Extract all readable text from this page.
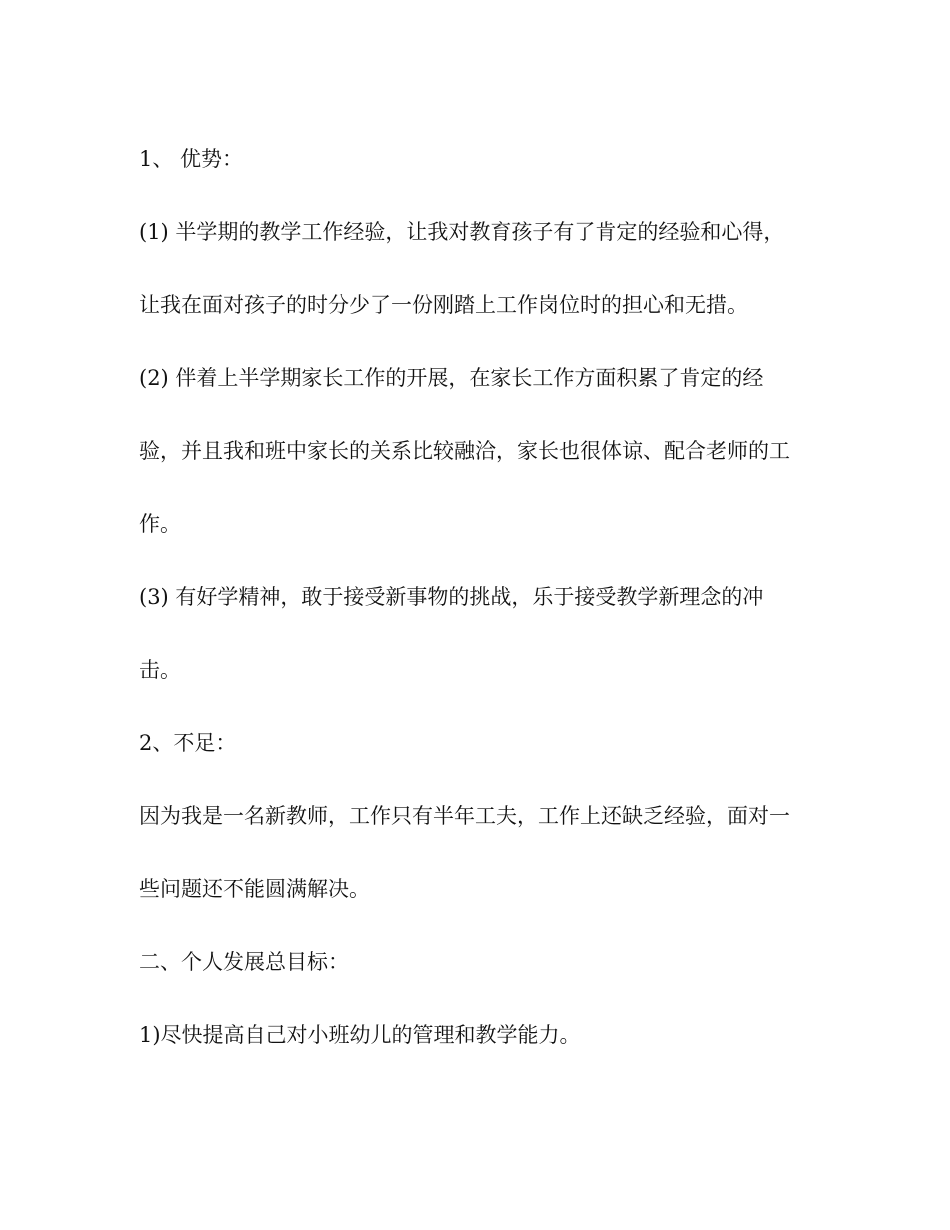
1、 优势：
(1) 半学期的教学工作经验，让我对教育孩子有了肯定的经验和心得，
让我在面对孩子的时分少了一份刚踏上工作岗位时的担心和无措。
(2) 伴着上半学期家长工作的开展，在家长工作方面积累了肯定的经
验，并且我和班中家长的关系比较融洽，家长也很体谅、配合老师的工
作。
(3) 有好学精神，敢于接受新事物的挑战，乐于接受教学新理念的冲
击。
2、不足：
因为我是一名新教师，工作只有半年工夫，工作上还缺乏经验，面对一
些问题还不能圆满解决。
二、个人发展总目标：
1)尽快提高自己对小班幼儿的管理和教学能力。
